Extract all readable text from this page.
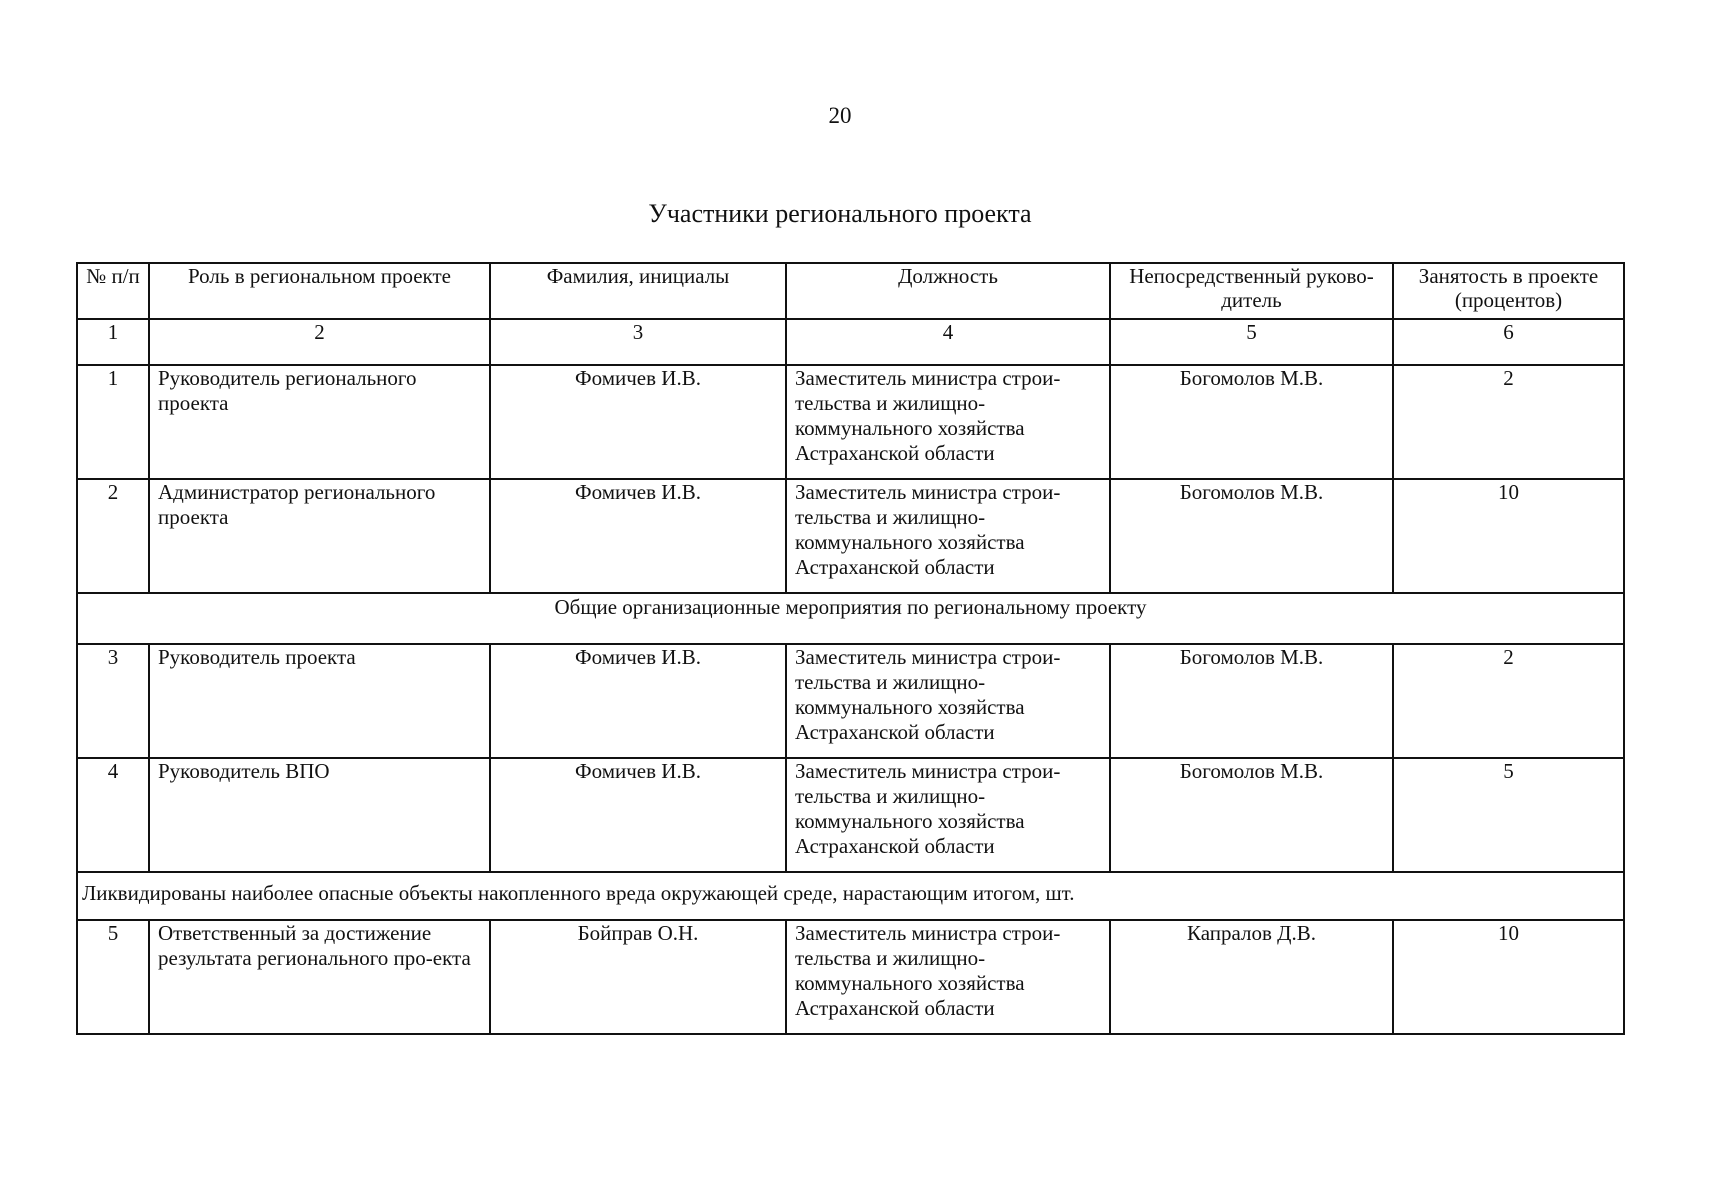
20
Участники регионального проекта
№ п/п	Роль в региональном проекте	Фамилия, инициалы	Должность	Непосредственный руково-дитель	Занятость в проекте (процентов)
1	2	3	4	5	6
1	Руководитель регионального проекта	Фомичев И.В.	Заместитель министра строи-тельства и жилищно-коммунального хозяйства Астраханской области	Богомолов М.В.	2
2	Администратор регионального проекта	Фомичев И.В.	Заместитель министра строи-тельства и жилищно-коммунального хозяйства Астраханской области	Богомолов М.В.	10
Общие организационные мероприятия по региональному проекту					
3	Руководитель проекта	Фомичев И.В.	Заместитель министра строи-тельства и жилищно-коммунального хозяйства Астраханской области	Богомолов М.В.	2
4	Руководитель ВПО	Фомичев И.В.	Заместитель министра строи-тельства и жилищно-коммунального хозяйства Астраханской области	Богомолов М.В.	5
Ликвидированы наиболее опасные объекты накопленного вреда окружающей среде, нарастающим итогом, шт.					
5	Ответственный за достижение результата регионального про-екта	Бойправ О.Н.	Заместитель министра строи-тельства и жилищно-коммунального хозяйства Астраханской области	Капралов Д.В.	10
